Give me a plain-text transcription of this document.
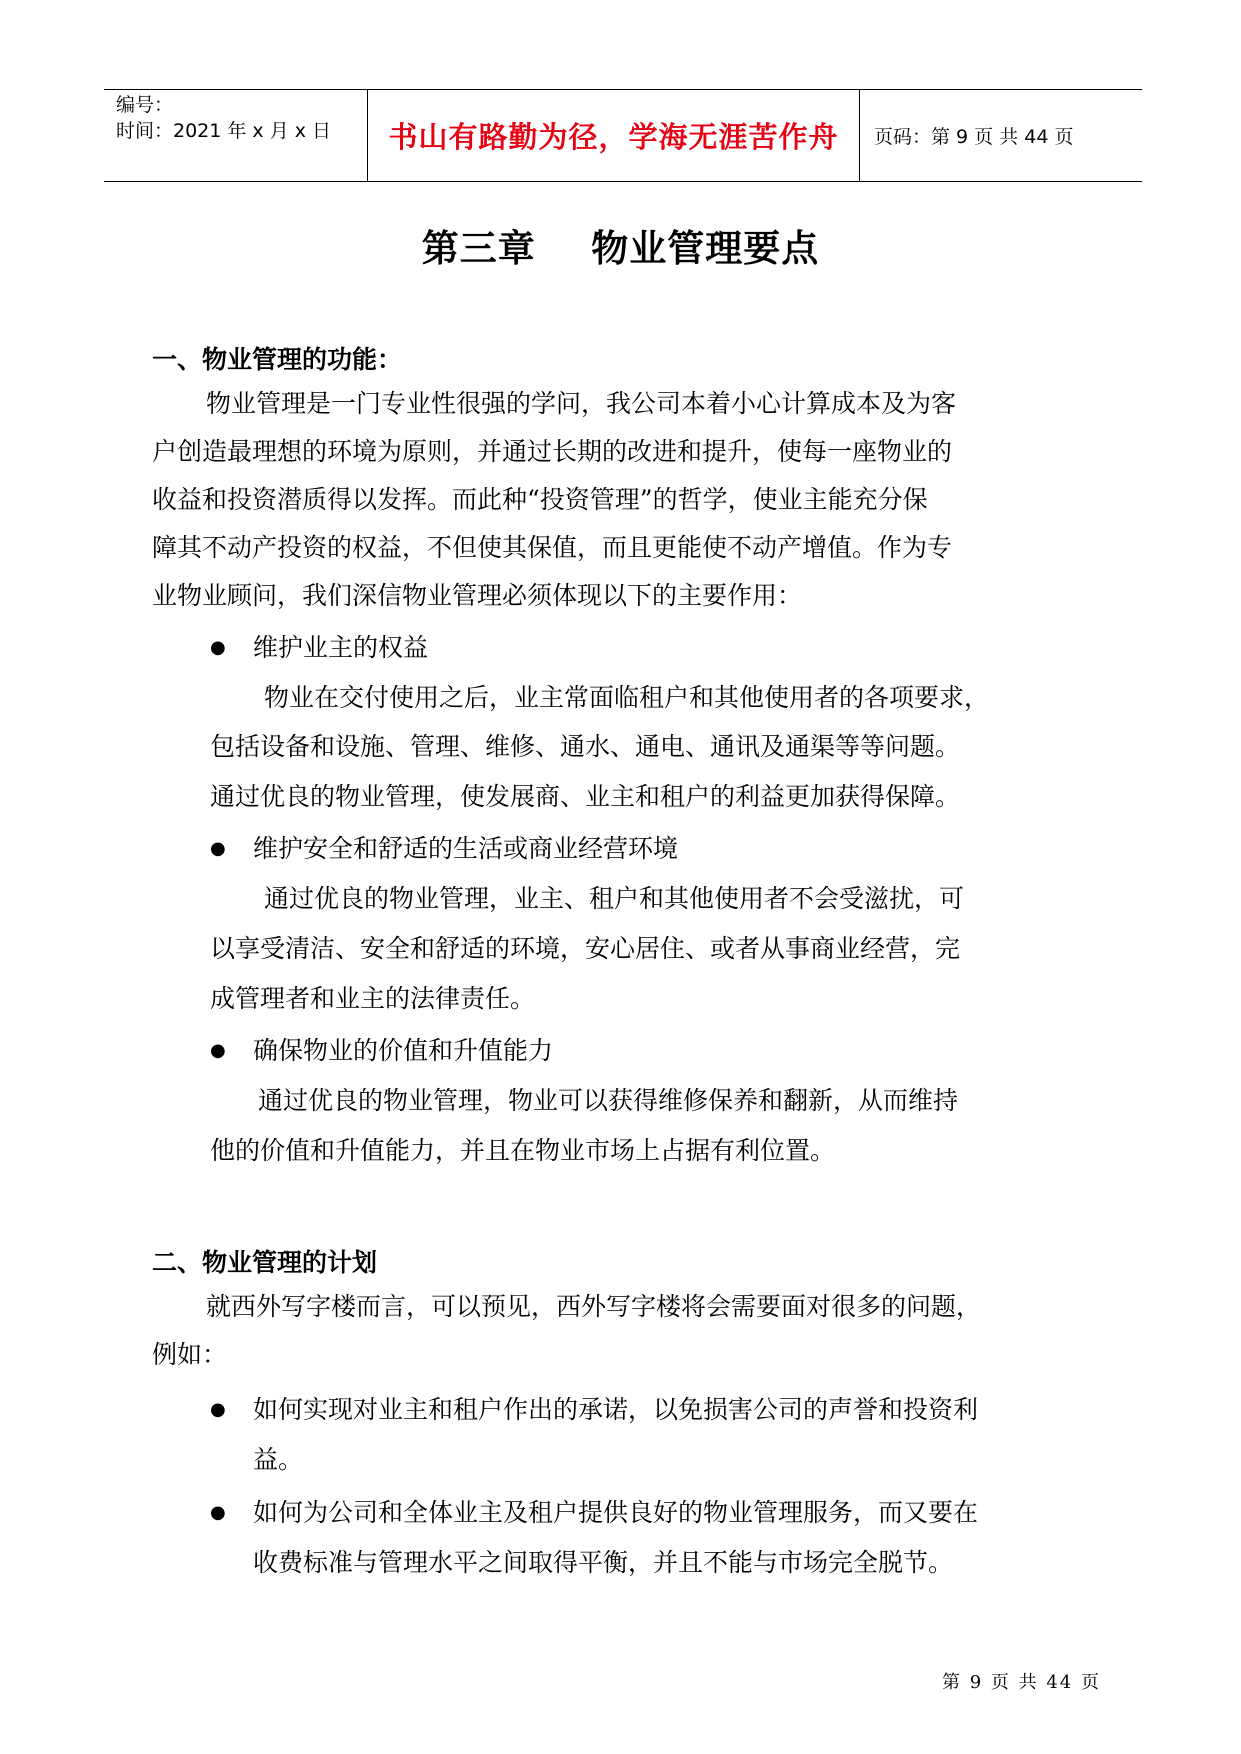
编号：
时间：2021 年 x 月 x 日 书山有路勤为径，学海无涯苦作舟 页码：第 9 页 共 44 页
第三章    物业管理要点
一、物业管理的功能：
物业管理是一门专业性很强的学问，我公司本着小心计算成本及为客
户创造最理想的环境为原则，并通过长期的改进和提升，使每一座物业的
收益和投资潜质得以发挥。而此种“投资管理”的哲学，使业主能充分保
障其不动产投资的权益，不但使其保值，而且更能使不动产增值。作为专
业物业顾问，我们深信物业管理必须体现以下的主要作用：
● 维护业主的权益
物业在交付使用之后，业主常面临租户和其他使用者的各项要求，
包括设备和设施、管理、维修、通水、通电、通讯及通渠等等问题。
通过优良的物业管理，使发展商、业主和租户的利益更加获得保障。
● 维护安全和舒适的生活或商业经营环境
通过优良的物业管理，业主、租户和其他使用者不会受滋扰，可
以享受清洁、安全和舒适的环境，安心居住、或者从事商业经营，完
成管理者和业主的法律责任。
● 确保物业的价值和升值能力
通过优良的物业管理，物业可以获得维修保养和翻新，从而维持
他的价值和升值能力，并且在物业市场上占据有利位置。
二、物业管理的计划
就西外写字楼而言，可以预见，西外写字楼将会需要面对很多的问题，
例如：
● 如何实现对业主和租户作出的承诺，以免损害公司的声誉和投资利
益。
● 如何为公司和全体业主及租户提供良好的物业管理服务，而又要在
收费标准与管理水平之间取得平衡，并且不能与市场完全脱节。
第 9 页 共 44 页
